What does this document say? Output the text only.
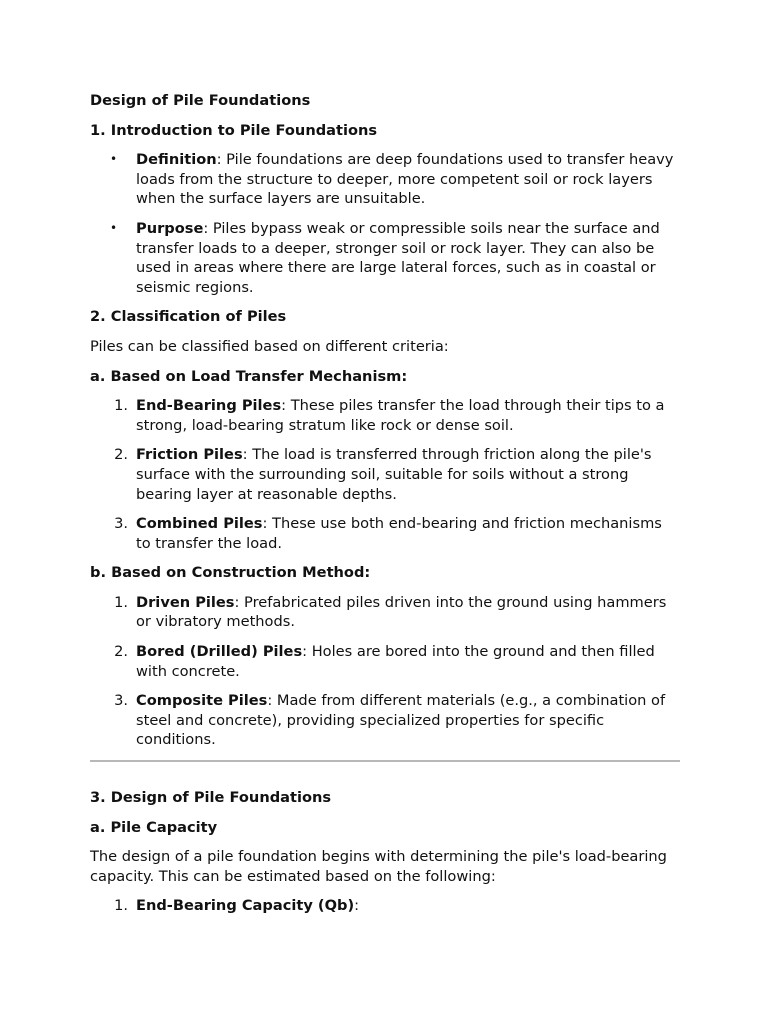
Design of Pile Foundations
1. Introduction to Pile Foundations
• Definition: Pile foundations are deep foundations used to transfer heavy loads from the structure to deeper, more competent soil or rock layers when the surface layers are unsuitable.
• Purpose: Piles bypass weak or compressible soils near the surface and transfer loads to a deeper, stronger soil or rock layer. They can also be used in areas where there are large lateral forces, such as in coastal or seismic regions.
2. Classification of Piles
Piles can be classified based on different criteria:
a. Based on Load Transfer Mechanism:
1. End-Bearing Piles: These piles transfer the load through their tips to a strong, load-bearing stratum like rock or dense soil.
2. Friction Piles: The load is transferred through friction along the pile's surface with the surrounding soil, suitable for soils without a strong bearing layer at reasonable depths.
3. Combined Piles: These use both end-bearing and friction mechanisms to transfer the load.
b. Based on Construction Method:
1. Driven Piles: Prefabricated piles driven into the ground using hammers or vibratory methods.
2. Bored (Drilled) Piles: Holes are bored into the ground and then filled with concrete.
3. Composite Piles: Made from different materials (e.g., a combination of steel and concrete), providing specialized properties for specific conditions.
3. Design of Pile Foundations
a. Pile Capacity
The design of a pile foundation begins with determining the pile's load-bearing capacity. This can be estimated based on the following:
1. End-Bearing Capacity (Qb):
